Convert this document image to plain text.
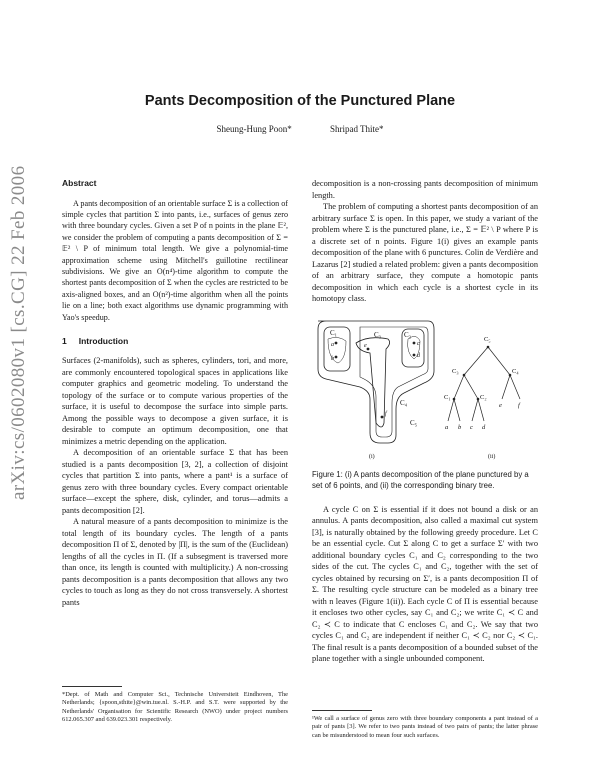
Pants Decomposition of the Punctured Plane
Sheung-Hung Poon*	Shripad Thite*
arXiv:cs/0602080v1 [cs.CG] 22 Feb 2006	Abstract

A pants decomposition of an orientable surface Σ is a collection of simple cycles that partition Σ into pants, i.e., surfaces of genus zero with three boundary cycles. Given a set P of n points in the plane 𝔼², we consider the problem of computing a pants decomposition of Σ = 𝔼² \ P of minimum total length. We give a polynomial-time approximation scheme using Mitchell's guillotine rectilinear subdivisions. We give an O(n⁴)-time algorithm to compute the shortest pants decomposition of Σ when the cycles are restricted to be axis-aligned boxes, and an O(n²)-time algorithm when all the points lie on a line; both exact algorithms use dynamic programming with Yao's speedup.

1 Introduction

Surfaces (2-manifolds), such as spheres, cylinders, tori, and more, are commonly encountered topological spaces in applications like computer graphics and geometric modeling. To understand the topology of the surface or to compute various properties of the surface, it is useful to decompose the surface into simple parts. Among the possible ways to decompose a given surface, it is desirable to compute an optimum decomposition, one that minimizes a metric depending on the application.

A decomposition of an orientable surface Σ that has been studied is a pants decomposition [3, 2], a collection of disjoint cycles that partition Σ into pants, where a pant¹ is a surface of genus zero with three boundary cycles. Every compact orientable surface—except the sphere, disk, cylinder, and torus—admits a pants decomposition [2].

A natural measure of a pants decomposition to minimize is the total length of its boundary cycles. The length of a pants decomposition Π of Σ, denoted by |Π|, is the sum of the (Euclidean) lengths of all the cycles in Π. (If a subsegment is traversed more than once, its length is counted with multiplicity.) A non-crossing pants decomposition is a pants decomposition that allows any two cycles to touch as long as they do not cross transversely. A shortest pants

decomposition is a non-crossing pants decomposition of minimum length.

The problem of computing a shortest pants decomposition of an arbitrary surface Σ is open. In this paper, we study a variant of the problem where Σ is the punctured plane, i.e., Σ = 𝔼² \ P where P is a discrete set of n points. Figure 1(i) gives an example pants decomposition of the plane with 6 punctures. Colin de Verdière and Lazarus [2] studied a related problem: given a pants decomposition of an arbitrary surface, they compute a homotopic pants decomposition in which each cycle is a shortest cycle in its homotopy class.

C₁	C₂
C₃
C₄
C₅
a
b
e	c
d
f
(i)	(ii)
C₅
C₃	C₄
C₁	C₂
a b c d
e f
Figure 1: (i) A pants decomposition of the plane punctured by a set of 6 points, and (ii) the corresponding binary tree.

A cycle C on Σ is essential if it does not bound a disk or an annulus. A pants decomposition, also called a maximal cut system [3], is naturally obtained by the following greedy procedure. Let C be an essential cycle. Cut Σ along C to get a surface Σ′ with two additional boundary cycles C₁ and C₂ corresponding to the two sides of the cut. The cycles C₁ and C₂, together with the set of cycles obtained by recursing on Σ′, is a pants decomposition Π of Σ. The resulting cycle structure can be modeled as a binary tree with n leaves (Figure 1(ii)). Each cycle C of Π is essential because it encloses two other cycles, say C₁ and C₂; we write C₁ ≺ C and C₂ ≺ C to indicate that C encloses C₁ and C₂. We say that two cycles C₁ and C₂ are independent if neither C₁ ≺ C₂ nor C₂ ≺ C₁. The final result is a pants decomposition of a bounded subset of the plane together with a single unbounded component.

*Dept. of Math and Computer Sci., Technische Universiteit Eindhoven, The Netherlands; {spoon,sthite}@win.tue.nl. S.-H.P. and S.T. were supported by the Netherlands' Organisation for Scientific Research (NWO) under project numbers 612.065.307 and 639.023.301 respectively.	¹We call a surface of genus zero with three boundary components a pant instead of a pair of pants [3]. We refer to two pants instead of two pairs of pants; the latter phrase can be misunderstood to mean four such surfaces.
